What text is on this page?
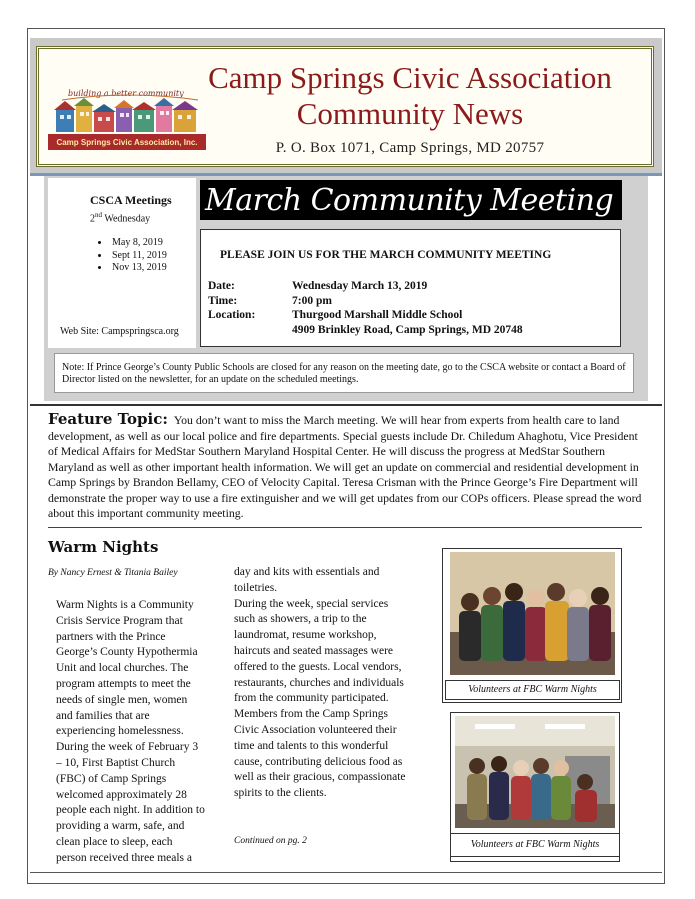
building a better community
Camp Springs Civic Association, Inc.
Camp Springs Civic Association
Community News
P. O. Box 1071, Camp Springs, MD 20757
CSCA Meetings
2nd Wednesday
• May 8, 2019
• Sept 11, 2019
• Nov 13, 2019
Web Site: Campspringsca.org
March Community Meeting
PLEASE JOIN US FOR THE MARCH COMMUNITY MEETING
Date:	Wednesday March 13, 2019
Time:	7:00 pm
Location:	Thurgood Marshall Middle School
4909 Brinkley Road, Camp Springs, MD 20748
Note: If Prince George’s County Public Schools are closed for any reason on the meeting date, go to the CSCA website or contact a Board of Director listed on the newsletter, for an update on the scheduled meetings.
Feature Topic: You don’t want to miss the March meeting. We will hear from experts from health care to land development, as well as our local police and fire departments. Special guests include Dr. Chiledum Ahaghotu, Vice President of Medical Affairs for MedStar Southern Maryland Hospital Center. He will discuss the progress at MedStar Southern Maryland as well as other important health information. We will get an update on commercial and residential development in Camp Springs by Brandon Bellamy, CEO of Velocity Capital. Teresa Crisman with the Prince George’s Fire Department will demonstrate the proper way to use a fire extinguisher and we will get updates from our COPs officers. Please spread the word about this important community meeting.
Warm Nights
By Nancy Ernest & Titania Bailey
Warm Nights is a Community Crisis Service Program that partners with the Prince George’s County Hypothermia Unit and local churches. The program attempts to meet the needs of single men, women and families that are experiencing homelessness. During the week of February 3 – 10, First Baptist Church (FBC) of Camp Springs welcomed approximately 28 people each night. In addition to providing a warm, safe, and clean place to sleep, each person received three meals a
day and kits with essentials and toiletries.
During the week, special services such as showers, a trip to the laundromat, resume workshop, haircuts and seated massages were offered to the guests. Local vendors, restaurants, churches and individuals from the community participated. Members from the Camp Springs Civic Association volunteered their time and talents to this wonderful cause, contributing delicious food as well as their gracious, compassionate spirits to the clients.
Continued on pg. 2
Volunteers at FBC Warm Nights
Volunteers at FBC Warm Nights
